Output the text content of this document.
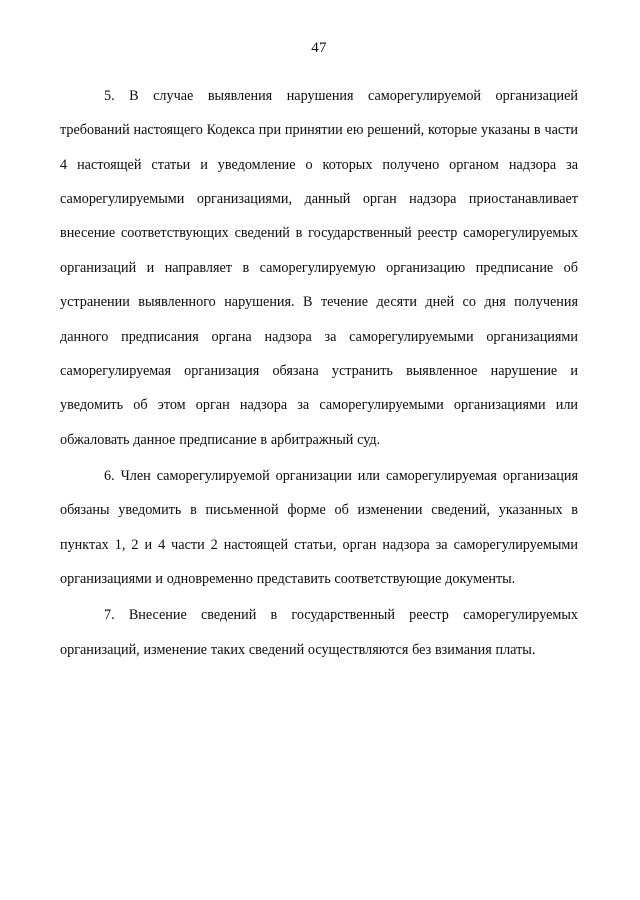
47

5. В случае выявления нарушения саморегулируемой организацией требований настоящего Кодекса при принятии ею решений, которые указаны в части 4 настоящей статьи и уведомление о которых получено органом надзора за саморегулируемыми организациями, данный орган надзора приостанавливает внесение соответствующих сведений в государственный реестр саморегулируемых организаций и направляет в саморегулируемую организацию предписание об устранении выявленного нарушения. В течение десяти дней со дня получения данного предписания органа надзора за саморегулируемыми организациями саморегулируемая организация обязана устранить выявленное нарушение и уведомить об этом орган надзора за саморегулируемыми организациями или обжаловать данное предписание в арбитражный суд.

6. Член саморегулируемой организации или саморегулируемая организация обязаны уведомить в письменной форме об изменении сведений, указанных в пунктах 1, 2 и 4 части 2 настоящей статьи, орган надзора за саморегулируемыми организациями и одновременно представить соответствующие документы.

7. Внесение сведений в государственный реестр саморегулируемых организаций, изменение таких сведений осуществляются без взимания платы.
